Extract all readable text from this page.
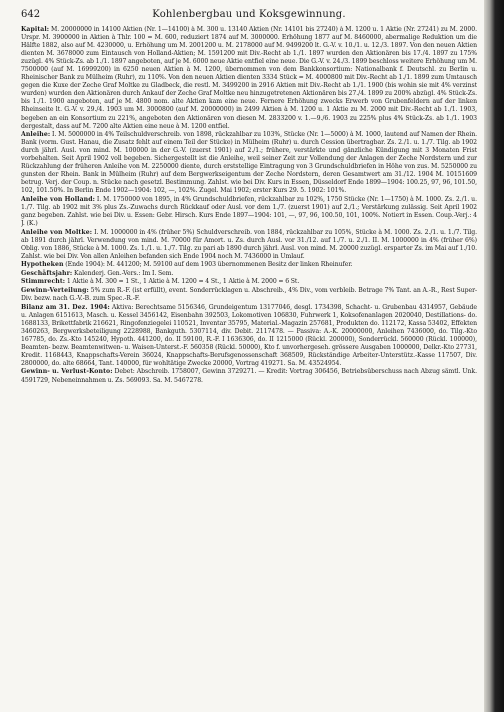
642	Kohlenbergbau und Koksgewinnung.

Kapital: M. 20000000 in 14100 Aktien (Nr. 1—14100) à M. 300 u. 13140 Aktien (Nr. 14101 bis 27240) à M. 1200 u. 1 Aktie (Nr. 27241) zu M. 2000. Urspr. M. 3900000 in Aktien à Thlr. 100 = M. 600, reduziert 1874 auf M. 3000000. Erhöhung 1877 auf M. 8460000, abermalige Reduktion um die Hälfte 1882, also auf M. 4230000, u. Erhöhung um M. 2001200 u. M. 2178000 auf M. 9499200 lt. G.-V. v. 10./1. u. 12./3. 1897. Von den neuen Aktien dienten M. 3678000 zum Eintausch von Holland-Aktien; M. 1591200 mit Div.-Recht ab 1./1. 1897 wurden den Aktionären bis 17./4. 1897 zu 175% zuzügl. 4% Stück-Zs. ab 1./1. 1897 angeboten, auf je M. 6000 neue Aktie entfiel eine neue. Die G.-V. v. 24./3. 1899 beschloss weitere Erhöhung um M. 7500000 (auf M. 16999200) in 6250 neuen Aktien à M. 1200, übernommen von dem Bankkonsortium: Nationalbank f. Deutschl. zu Berlin u. Rheinischer Bank zu Mülheim (Ruhr), zu 110%. Von den neuen Aktien dienten 3334 Stück = M. 4000800 mit Div.-Recht ab 1./1. 1899 zum Umtausch gegen die Kuxe der Zeche Graf Moltke zu Gladbeck, die restl. M. 3499200 in 2916 Aktien mit Div.-Recht ab 1./1. 1900 (bis wohin sie mit 4% verzinst wurden) wurden den Aktionären durch Ankauf der Zeche Graf Moltke neu hinzugetretenen Aktionären bis 27./4. 1899 zu 200% abzügl. 4% Stück-Zs. bis 1./1. 1900 angeboten, auf je M. 4800 nom. alte Aktien kam eine neue. Fernere Erhöhung zwecks Erwerb von Grubenfeldern auf der linken Rheinseite lt. G.-V. v. 29./4. 1903 um M. 3000800 (auf M. 20000000) in 2499 Aktien à M. 1200 u. 1 Aktie zu M. 2000 mit Div.-Recht ab 1./1. 1903, begeben an ein Konsortium zu 221%, angeboten den Aktionären von diesen M. 2833200 v. 1.—9./6. 1903 zu 225% plus 4% Stück-Zs. ab 1./1. 1903 dergestalt, dass auf M. 7200 alte Aktien eine neue à M. 1200 entfiel.

Anleihe: I. M. 5000000 in 4% Teilschuldverschreib. von 1898, rückzahlbar zu 103%, Stücke (Nr. 1—5000) à M. 1000, lautend auf Namen der Rhein. Bank (vorm. Gust. Hanau, die Zusatz fehlt auf einem Teil der Stücke) in Mülheim (Ruhr) u. durch Cession übertragbar. Zs. 2./1. u. 1./7. Tilg. ab 1902 durch jährl. Ausl. von mind. M. 100000 in der G.-V. (zuerst 1901) auf 2./1.; frühere, verstärkte und gänzliche Kündigung mit 3 Monaten Frist vorbehalten. Seit April 1902 voll begeben. Sichergestellt ist die Anleihe, weil seiner Zeit zur Vollendung der Anlagen der Zeche Nordstern und zur Rückzahlung der früheren Anleihe von M. 2250000 diente, durch erststellige Eintragung von 3 Grundschuldbriefen in Höhe von zus. M. 5250000 zu gunsten der Rhein. Bank in Mülheim (Ruhr) auf dem Bergwerkseigentum der Zeche Nordstern, deren Gesamtwert am 31./12. 1904 M. 10151609 betrug. Verj. der Coup. n. Stücke nach gesetzl. Bestimmung. Zahlst. wie bei Div. Kurs in Essen, Düsseldorf Ende 1899—1904: 100.25, 97, 96, 101.50, 102, 101.50%. In Berlin Ende 1902—1904: 102, —, 102%. Zugel. Mai 1902; erster Kurs 29. 5. 1902: 101%.

Anleihe von Holland: I. M. 1750000 von 1895, in 4% Grundschuldbriefen, rückzahlbar zu 102%, 1750 Stücke (Nr. 1—1750) à M. 1000. Zs. 2./1. u. 1./7. Tilg. ab 1902 mit 3% plus Zs.-Zuwachs durch Rückkauf oder Ausl. vor dem 1./7. (zuerst 1901) auf 2./1.; Verstärkung zulässig. Seit April 1902 ganz begeben. Zahlst. wie bei Div. u. Essen: Gebr. Hirsch. Kurs Ende 1897—1904: 101, —, 97, 96, 100.50, 101, 100%. Notiert in Essen. Coup.-Verj.: 4 J. (K.)

Anleihe von Moltke: I. M. 1000000 in 4% (früher 5%) Schuldverschreib. von 1884, rückzahlbar zu 105%, Stücke à M. 1000. Zs. 2./1. u. 1./7. Tilg. ab 1891 durch jährl. Verwendung von mind. M. 70000 für Amort. u. Zs. durch Ausl. vor 31./12. auf 1./7. u. 2./1. II. M. 1000000 in 4% (früher 6%) Oblig. von 1886, Stücke à M. 1000. Zs. 1./1. u. 1./7. Tilg. zu pari ab 1890 durch jährl. Ausl. von mind. M. 20000 zuzügl. ersparter Zs. im Mai auf 1./10. Zahlst. wie bei Div. Von allen Anleihen befanden sich Ende 1904 noch M. 7436000 in Umlauf.

Hypotheken (Ende 1904): M. 441200; M. 59100 auf dem 1903 übernommenen Besitz der linken Rheinufer.

Geschäftsjahr: Kalenderj. Gen.-Vers.: Im I. Sem.

Stimmrecht: 1 Aktie à M. 300 = 1 St., 1 Aktie à M. 1200 = 4 St., 1 Aktie à M. 2000 = 6 St.

Gewinn-Verteilung: 5% zum R.-F. (ist erfüllt), event. Sonderrücklagen u. Abschreib., 4% Div., vom verbleib. Betrage 7% Tant. an A.-R., Rest Super-Div. bezw. nach G.-V.-B. zum Spec.-R.-F.

Bilanz am 31. Dez. 1904: Aktiva: Berechtsame 5156346, Grundeigentum 13177046, desgl. 1734398, Schacht- u. Grubenbau 4314957, Gebäude u. Anlagen 6151613, Masch. u. Kessel 3456142, Eisenbahn 392503, Lokomotiven 106830, Fuhrwerk 1, Koksofenanlagen 2020040, Destillations- do. 1688133, Brikettfabrik 216621, Ringofenziegelei 110521, Inventar 35795, Material.-Magazin 257681, Produkten do. 112172, Kassa 53402, Effekten 3460263, Bergwerksbeteiligung 2228988, Bankguth. 5307114, div. Debit. 2117478. — Passiva: A.-K. 20000000, Anleihen 7436000, do. Tilg.-Kto 167785, do. Zs.-Kto 145240, Hypoth. 441200, do. II 59100, R.-F. I 1636306, do. II 1215000 (Rückl. 200000), Sonderrückl. 560000 (Rückl. 100000), Beamten- bezw. Beamtenwitwen- u. Waisen-Unterst.-F. 560358 (Rückl. 50000), Kto f. unvorhergeseh. grössere Ausgaben 1000000, Delkr.-Kto 27731, Kredit. 1168443, Knappschafts-Verein 36024, Knappschafts-Berufsgenossenschaft 368509, Rückständige Arbeiter-Unterstütz.-Kasse 117507, Div. 2800000, do. alte 68664, Tant. 140000, für wohltätige Zwecke 20000, Vortrag 419271. Sa. M. 43524954.

Gewinn- u. Verlust-Konto: Debet: Abschreib. 1758007, Gewinn 3729271. — Kredit: Vortrag 306456, Betriebsüberschuss nach Abzug sämtl. Unk. 4591729, Nebeneinnahmen u. Zs. 569093. Sa. M. 5467278.
